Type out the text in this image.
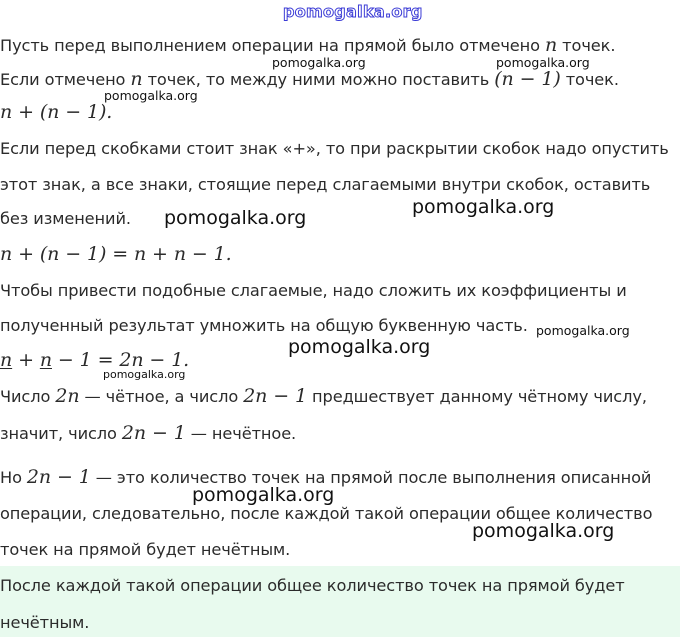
pomogalka.org
Пусть перед выполнением операции на прямой было отмечено n точек.
Если отмечено n точек, то между ними можно поставить (n − 1) точек.
n + (n − 1).
Если перед скобками стоит знак «+», то при раскрытии скобок надо опустить
этот знак, а все знаки, стоящие перед слагаемыми внутри скобок, оставить
без изменений.
n + (n − 1) = n + n − 1.
Чтобы привести подобные слагаемые, надо сложить их коэффициенты и
полученный результат умножить на общую буквенную часть.
n + n − 1 = 2n − 1.
Число 2n — чётное, а число 2n − 1 предшествует данному чётному числу,
значит, число 2n − 1 — нечётное.
Но 2n − 1 — это количество точек на прямой после выполнения описанной
операции, следовательно, после каждой такой операции общее количество
точек на прямой будет нечётным.
После каждой такой операции общее количество точек на прямой будет
нечётным.
pomogalka.org	pomogalka.org
pomogalka.org
pomogalka.org	pomogalka.org
pomogalka.org
pomogalka.org
pomogalka.org
pomogalka.org
pomogalka.org
